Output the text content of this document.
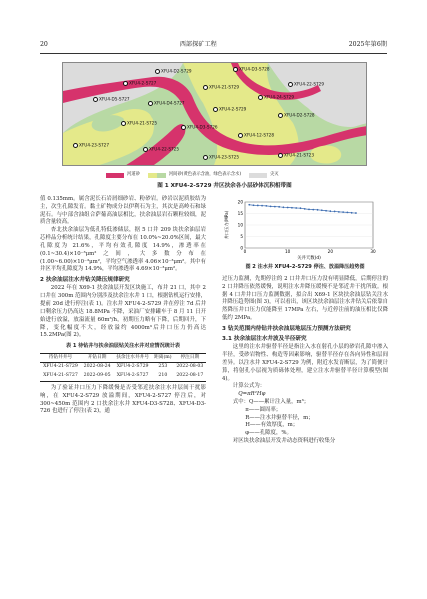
20	西部探矿工程	2025年第6期
XFU4-D2-S729	XFU4-D3-S728
XFU4-2-S727
XFU4-21-S729
XFU4-24-S729
XFU4-22-S729
XFU4-D5-S727
XFU4-D4-S727
XFU4-2-S729
XFU4-D2-S728
XFU4-21-S725
XFU4-D3-S726
XFU4-12-S728
XFU4-23-S727
XFU4-22-S725
XFU4-23-S725	XFU4-21-S723
河道砂	河间砂(黄色表示含油，绿色表示含水)	尖灭
图 1 XFU4-2-S729 井区扶余各小层砂体沉积相带图

值 0.135mm。属含泥长石岩屑细砂岩、粉砂岩。砂岩以泥质胶结为主，次生孔隙发育。黏土矿物成分以伊利石为主，其次是高岭石和绿泥石。与中部含油组合萨葡高油层相比，扶余油层岩石颗粒较细，泥质含量较高。

杏北扶余油层为低孔特低渗储层，据 5 口井 209 块扶余油层岩芯样品分析统计结果，孔隙度主要分布在 10.0%~20.0%区间，最大孔隙度为 21.6%，平均有效孔隙度 14.9%，渗透率在(0.1~30.4)×10⁻³μm²之间，大多数分布在(1.00~6.00)×10⁻³μm²，平均空气渗透率 4.06×10⁻³μm²。其中有井区平均孔隙度为 14.9%，平均渗透率 4.69×10⁻³μm²。

2 扶余油层注水井钻关降压规律研究

2022 年在 X69-1 扶余油层开发区块施工，布井 21 口，其中 2 口井在 300m 范围内分别涉及扶余注水井 1 口，根据钻机运行安排，提前 20d 进行停注(表 1)。注水井 XFU4-2-S729 井在停注 7d 后井口剩余压力仍高达 18.8MPa 不降，采油厂安排罐车于 8 月 11 日开始进行放溢，放溢流量 60m³/h，初期压力略有下降，后期回升，下降，变化幅度不大，经放溢约 4000m³后井口压力仍高达 15.2MPa(图 2)。

表 1 待钻井与扶余油层钻关注水井对应情况统计表
待钻井井号	开钻日期	扶余注水井井号	距离(m)	停注日期
XFU4-21-S729	2022-08-24	XFU4-2-S729	253	2022-08-03
XFU4-21-S727	2022-09-05	XFU4-2-S727	210	2022-08-17

为了验证井口压力下降缓慢是否受邻近扶余注水井层间干扰影响，在 XFU4-2-S729 放溢期间，XFU4-2-S727 停注后，对 300~450m 范围内 2 口扶余注水井 XFU4-D3-S728、XFU4-D3-726 也进行了停注(表 2)，通

0
5
10
15
20
0	10	20	30
关井天数(d)
井口压力(MPa)
图 2 注水井 XFU4-2-S729 停注、放溢降压趋势图

过压力监测，先期停注的 2 口井井口压力没有明显降低，后期停注的 2 口井降压依然缓慢，说明注水井降压缓慢不是邻近井干扰所致。根据 4 口井井口压力监测数据，拟合出 X69-1 区块扶余油层钻关注水井降压趋势图(图 3)，可以看出，该区块扶余油层注水井钻关后依靠自然降压井口压力仅能降至 17MPa 左右，与近停注前的油压相比仅降低约 2MPa。

3 钻关范围内待钻井扶余油层地层压力预测方法研究
3.1 扶余油层注水井波及半径研究

这里的注水井驱替半径是指注入水在射孔小层的砂岩孔隙中渗入半径，受砂岩物性、构造等因素影响，驱替半径存在各向异性和层间差异。以注水井 XFU4-2-S729 为例，附近水发育断层，为了简便计算，将射孔小层视为质砾体处理，建立注水井驱替半径计算模型(图 4)。

计算公式为：

Q=πR²Hφ

式中：Q——累计注入量，m³；

π——圆周率；

R——注水井驱替半径，m；

H——有效厚度，m；

φ——孔隙度，%。

对区块扶余油层开发井动态资料进行收集分
